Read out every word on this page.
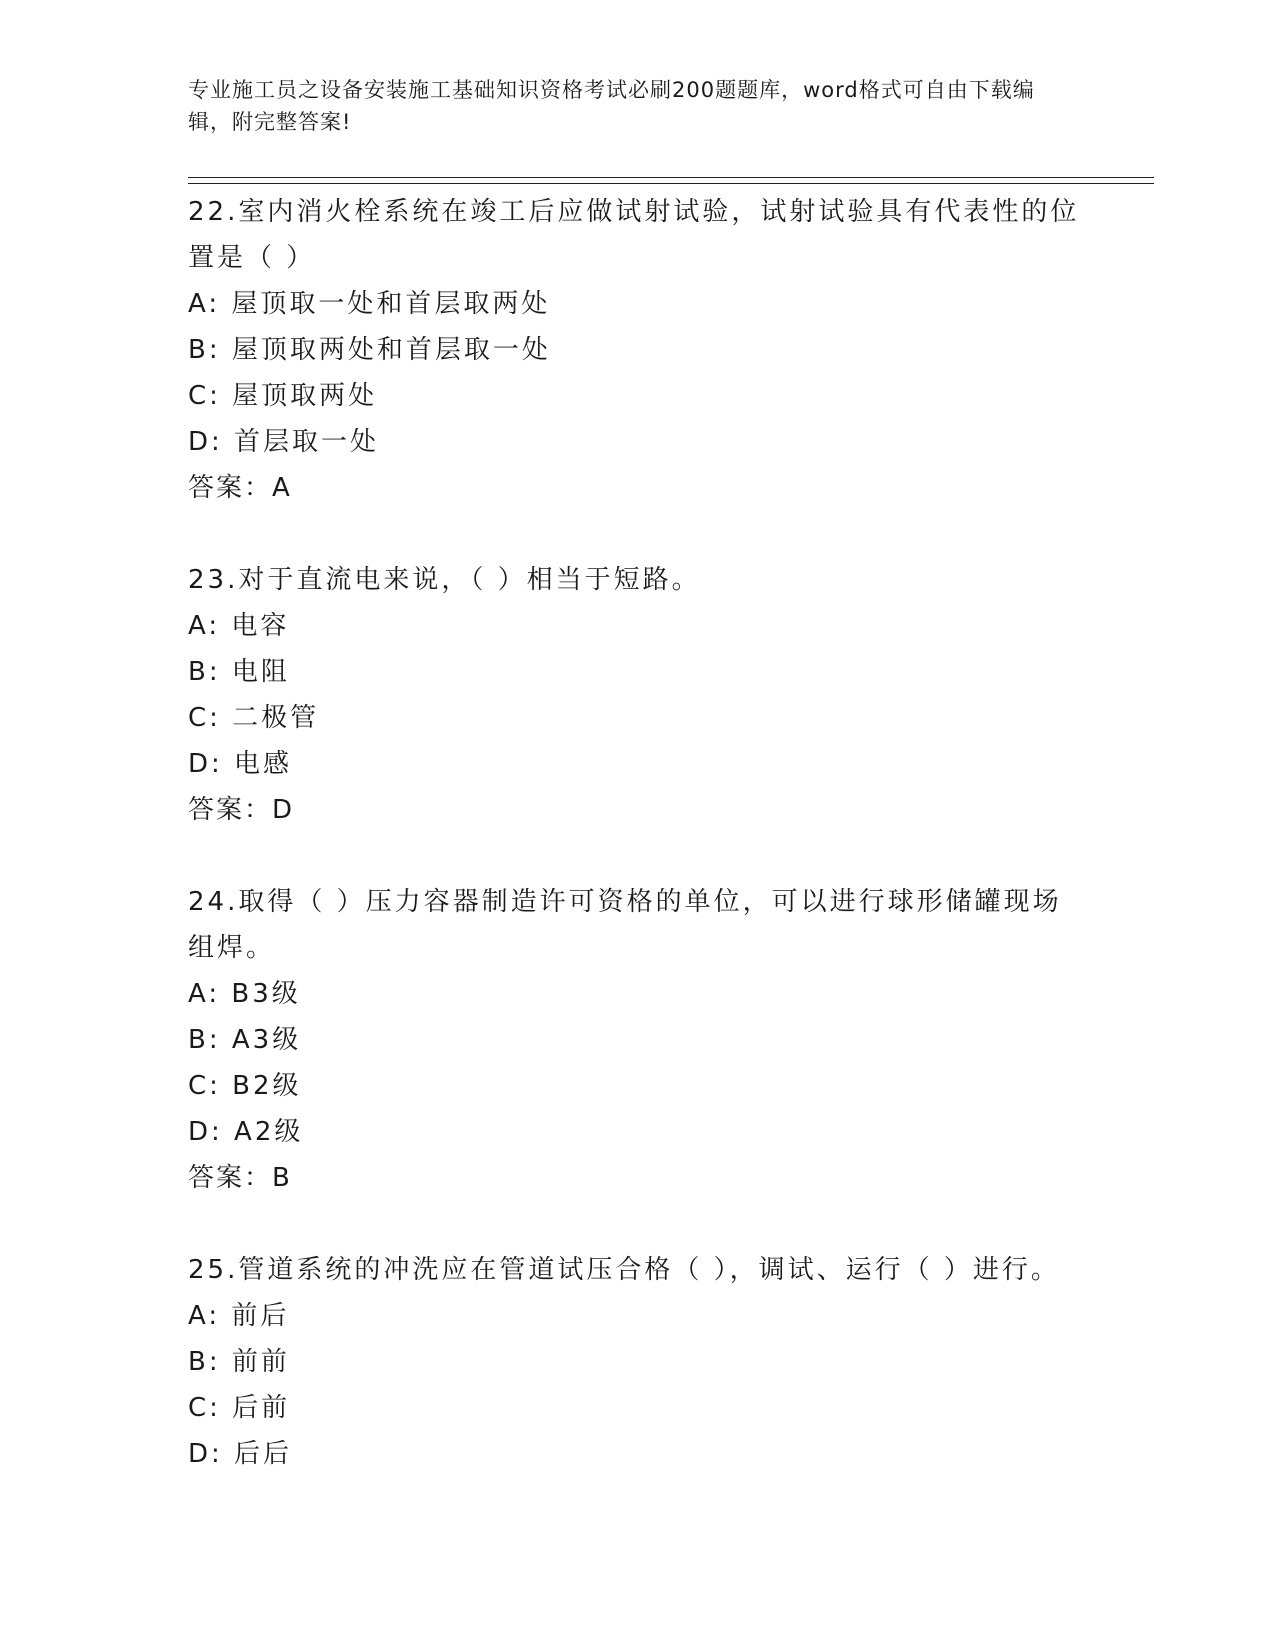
专业施工员之设备安装施工基础知识资格考试必刷200题题库，word格式可自由下载编辑，附完整答案!
22.室内消火栓系统在竣工后应做试射试验，试射试验具有代表性的位置是（ ）
A: 屋顶取一处和首层取两处
B: 屋顶取两处和首层取一处
C: 屋顶取两处
D: 首层取一处
答案：A
23.对于直流电来说，（ ）相当于短路。
A: 电容
B: 电阻
C: 二极管
D: 电感
答案：D
24.取得（ ）压力容器制造许可资格的单位，可以进行球形储罐现场组焊。
A: B3级
B: A3级
C: B2级
D: A2级
答案：B
25.管道系统的冲洗应在管道试压合格（ ），调试、运行（ ）进行。
A: 前后
B: 前前
C: 后前
D: 后后
